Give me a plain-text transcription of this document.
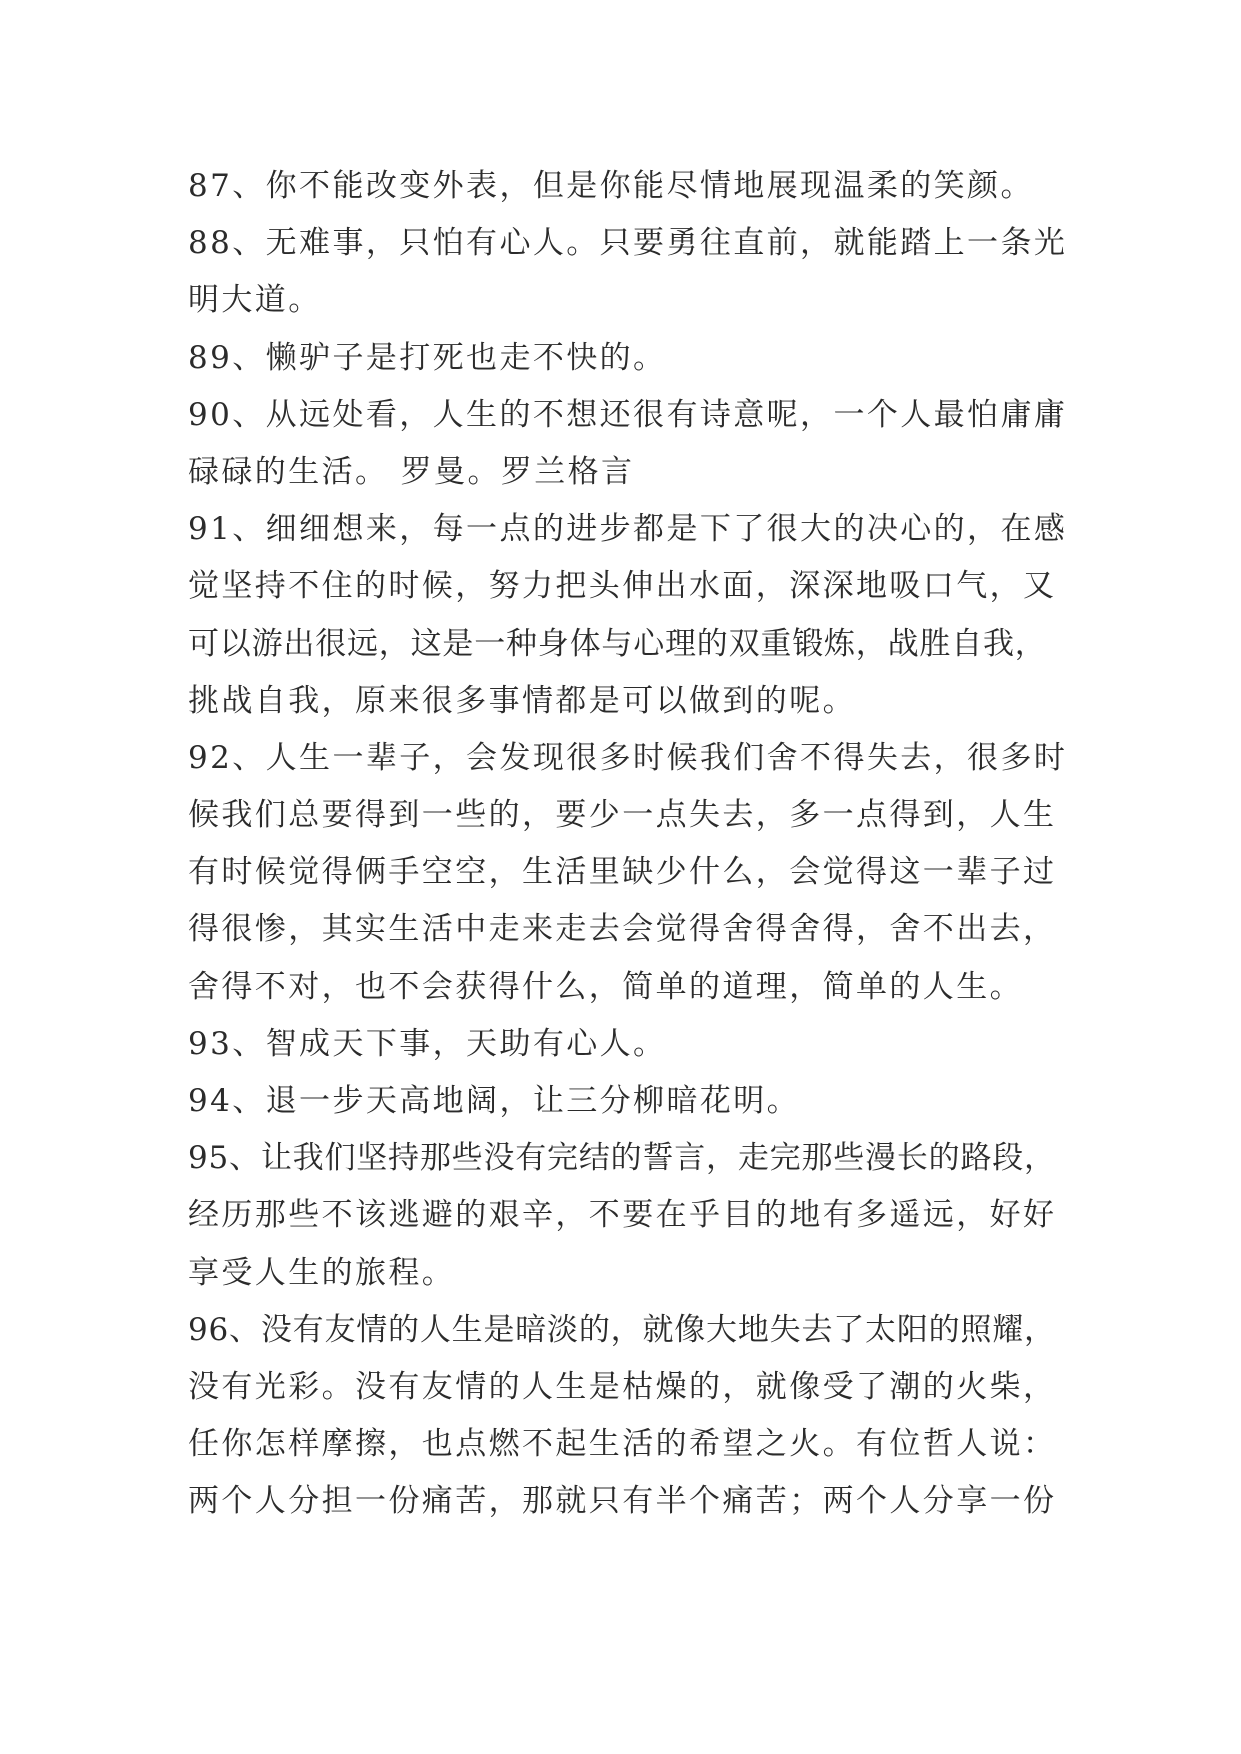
87、你不能改变外表，但是你能尽情地展现温柔的笑颜。
88、无难事，只怕有心人。只要勇往直前，就能踏上一条光
明大道。
89、懒驴子是打死也走不快的。
90、从远处看，人生的不想还很有诗意呢，一个人最怕庸庸
碌碌的生活。 罗曼。罗兰格言
91、细细想来，每一点的进步都是下了很大的决心的，在感
觉坚持不住的时候，努力把头伸出水面，深深地吸口气，又
可以游出很远，这是一种身体与心理的双重锻炼，战胜自我，
挑战自我，原来很多事情都是可以做到的呢。
92、人生一辈子，会发现很多时候我们舍不得失去，很多时
候我们总要得到一些的，要少一点失去，多一点得到，人生
有时候觉得俩手空空，生活里缺少什么，会觉得这一辈子过
得很惨，其实生活中走来走去会觉得舍得舍得，舍不出去，
舍得不对，也不会获得什么，简单的道理，简单的人生。
93、智成天下事，天助有心人。
94、退一步天高地阔，让三分柳暗花明。
95、让我们坚持那些没有完结的誓言，走完那些漫长的路段，
经历那些不该逃避的艰辛，不要在乎目的地有多遥远，好好
享受人生的旅程。
96、没有友情的人生是暗淡的，就像大地失去了太阳的照耀，
没有光彩。没有友情的人生是枯燥的，就像受了潮的火柴，
任你怎样摩擦，也点燃不起生活的希望之火。有位哲人说：
两个人分担一份痛苦，那就只有半个痛苦；两个人分享一份
